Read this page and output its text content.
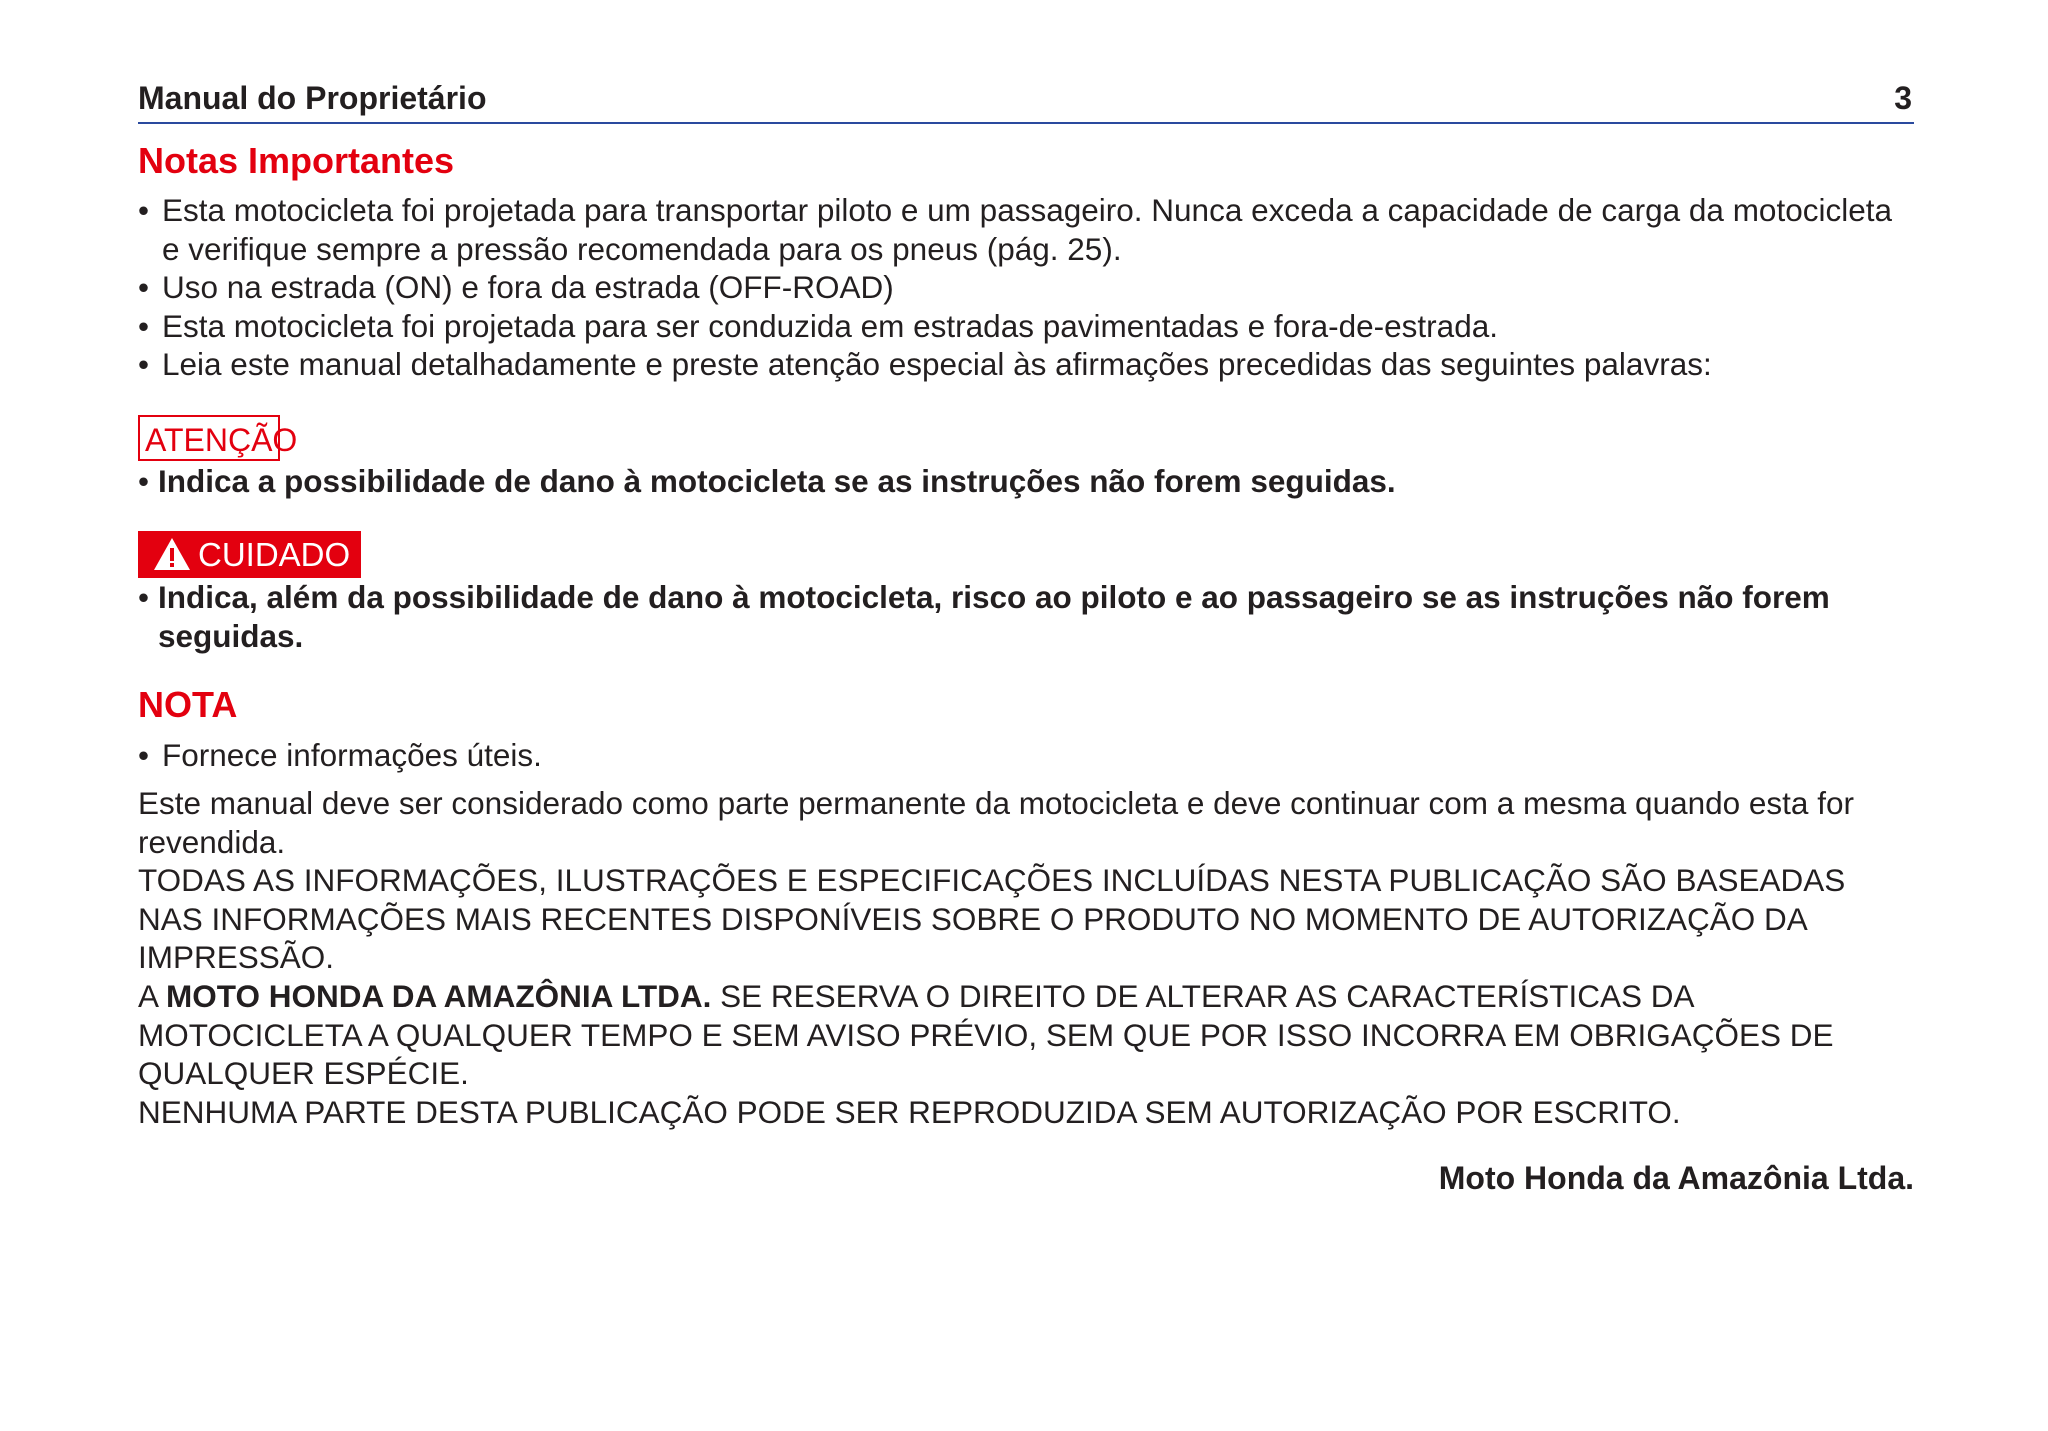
Manual do Proprietário	3
Notas Importantes
• Esta motocicleta foi projetada para transportar piloto e um passageiro. Nunca exceda a capacidade de carga da motocicleta e verifique sempre a pressão recomendada para os pneus (pág. 25).
• Uso na estrada (ON) e fora da estrada (OFF-ROAD)
• Esta motocicleta foi projetada para ser conduzida em estradas pavimentadas e fora-de-estrada.
• Leia este manual detalhadamente e preste atenção especial às afirmações precedidas das seguintes palavras:
ATENÇÃO
• Indica a possibilidade de dano à motocicleta se as instruções não forem seguidas.
CUIDADO
• Indica, além da possibilidade de dano à motocicleta, risco ao piloto e ao passageiro se as instruções não forem seguidas.
NOTA
• Fornece informações úteis.

Este manual deve ser considerado como parte permanente da motocicleta e deve continuar com a mesma quando esta for revendida.

TODAS AS INFORMAÇÕES, ILUSTRAÇÕES E ESPECIFICAÇÕES INCLUÍDAS NESTA PUBLICAÇÃO SÃO BASEADAS NAS INFORMAÇÕES MAIS RECENTES DISPONÍVEIS SOBRE O PRODUTO NO MOMENTO DE AUTORIZAÇÃO DA IMPRESSÃO.

A MOTO HONDA DA AMAZÔNIA LTDA. SE RESERVA O DIREITO DE ALTERAR AS CARACTERÍSTICAS DA MOTOCICLETA A QUALQUER TEMPO E SEM AVISO PRÉVIO, SEM QUE POR ISSO INCORRA EM OBRIGAÇÕES DE QUALQUER ESPÉCIE.

NENHUMA PARTE DESTA PUBLICAÇÃO PODE SER REPRODUZIDA SEM AUTORIZAÇÃO POR ESCRITO.

Moto Honda da Amazônia Ltda.
